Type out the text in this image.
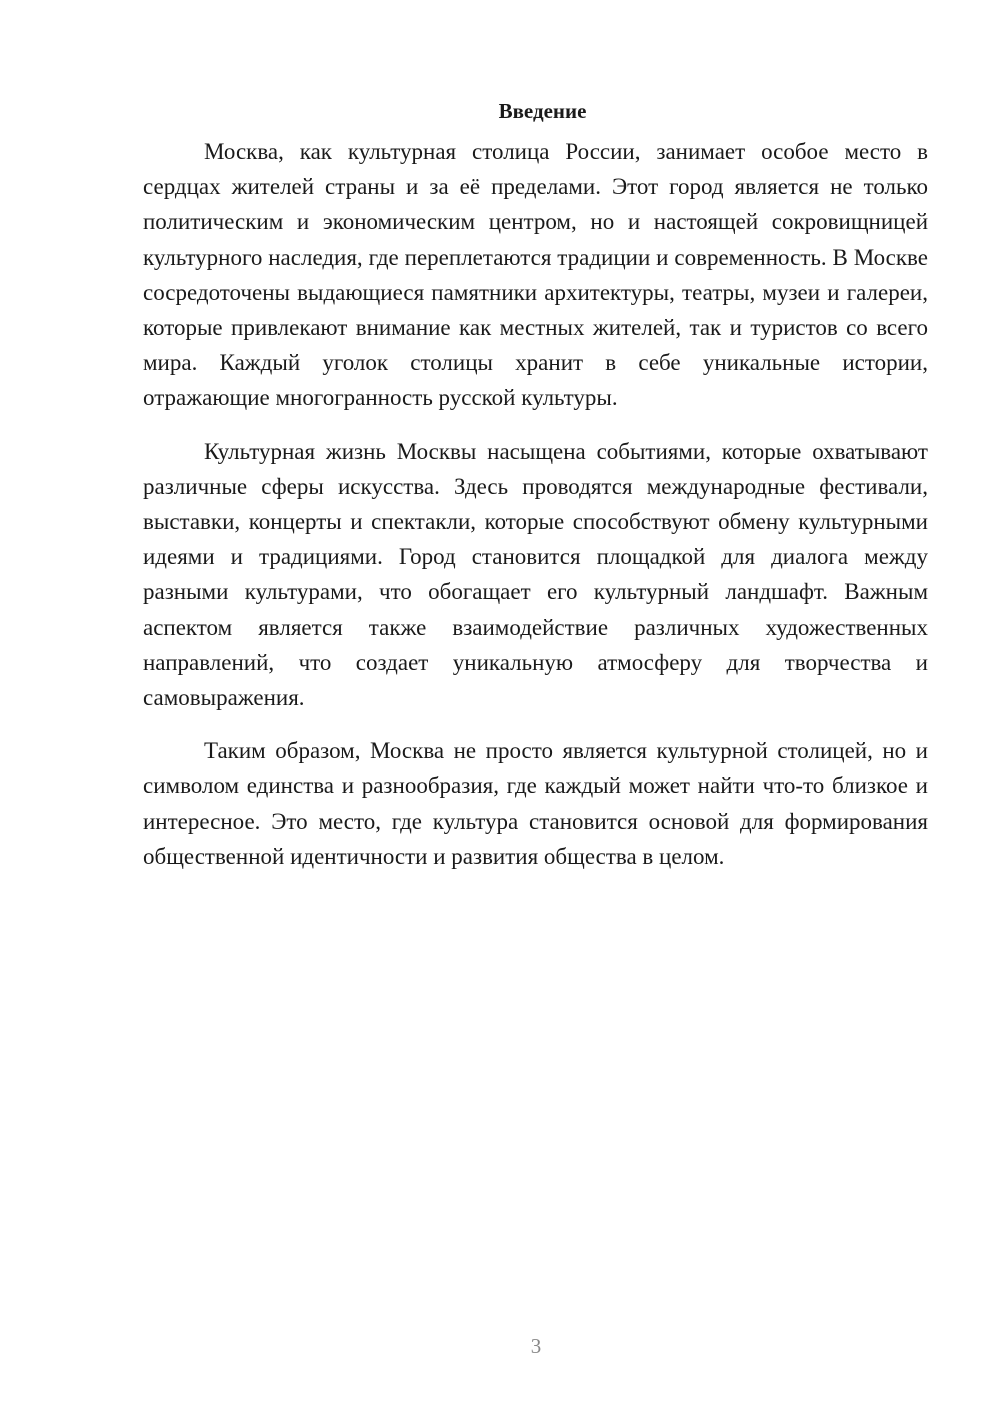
Введение

Москва, как культурная столица России, занимает особое место в сердцах жителей страны и за её пределами. Этот город является не только политическим и экономическим центром, но и настоящей сокровищницей культурного наследия, где переплетаются традиции и современность. В Москве сосредоточены выдающиеся памятники архитектуры, театры, музеи и галереи, которые привлекают внимание как местных жителей, так и туристов со всего мира. Каждый уголок столицы хранит в себе уникальные истории, отражающие многогранность русской культуры.

Культурная жизнь Москвы насыщена событиями, которые охватывают различные сферы искусства. Здесь проводятся международные фестивали, выставки, концерты и спектакли, которые способствуют обмену культурными идеями и традициями. Город становится площадкой для диалога между разными культурами, что обогащает его культурный ландшафт. Важным аспектом является также взаимодействие различных художественных направлений, что создает уникальную атмосферу для творчества и самовыражения.

Таким образом, Москва не просто является культурной столицей, но и символом единства и разнообразия, где каждый может найти что-то близкое и интересное. Это место, где культура становится основой для формирования общественной идентичности и развития общества в целом.

3
